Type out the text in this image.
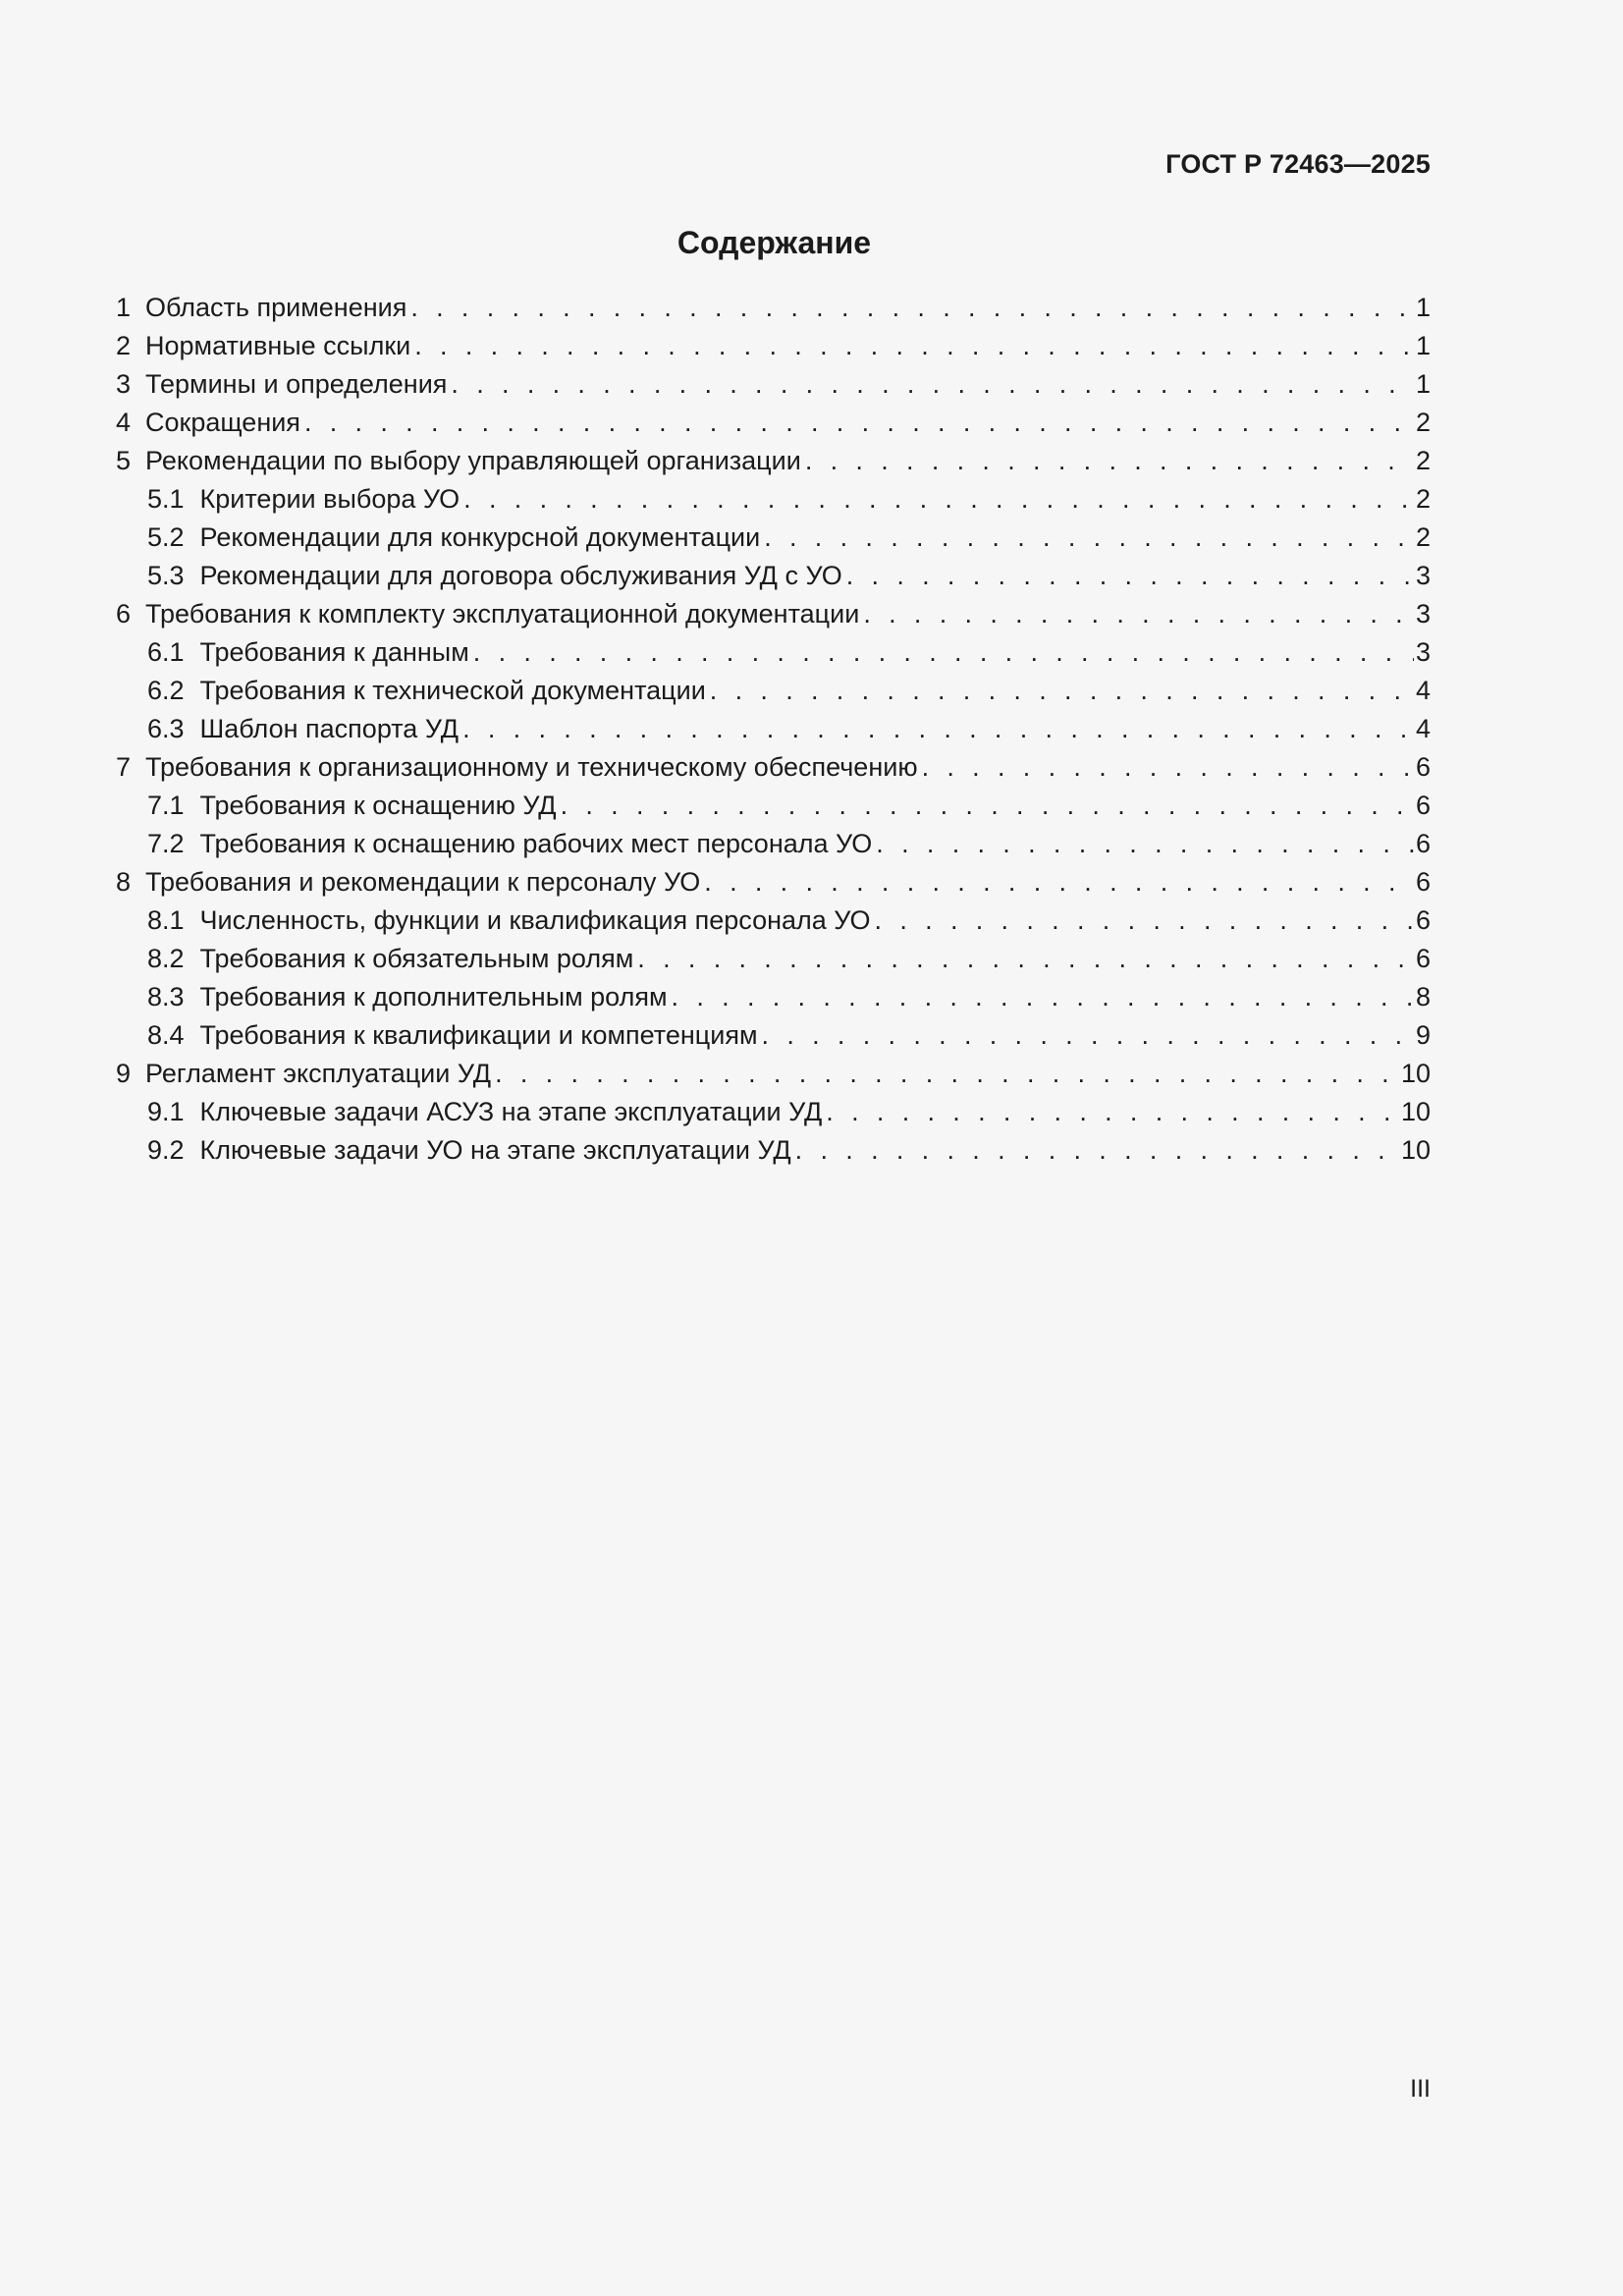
ГОСТ Р 72463—2025
Содержание
1 Область применения . . .	1
2 Нормативные ссылки . . .	1
3 Термины и определения . . .	1
4 Сокращения . . .	2
5 Рекомендации по выбору управляющей организации . . .	2
5.1 Критерии выбора УО . . .	2
5.2 Рекомендации для конкурсной документации . . .	2
5.3 Рекомендации для договора обслуживания УД с УО . . .	3
6 Требования к комплекту эксплуатационной документации . . .	3
6.1 Требования к данным . . .	3
6.2 Требования к технической документации . . .	4
6.3 Шаблон паспорта УД . . .	4
7 Требования к организационному и техническому обеспечению . . .	6
7.1 Требования к оснащению УД . . .	6
7.2 Требования к оснащению рабочих мест персонала УО . . .	6
8 Требования и рекомендации к персоналу УО . . .	6
8.1 Численность, функции и квалификация персонала УО . . .	6
8.2 Требования к обязательным ролям . . .	6
8.3 Требования к дополнительным ролям . . .	8
8.4 Требования к квалификации и компетенциям . . .	9
9 Регламент эксплуатации УД . . .	10
9.1 Ключевые задачи АСУЗ на этапе эксплуатации УД . . .	10
9.2 Ключевые задачи УО на этапе эксплуатации УД . . .	10
III
